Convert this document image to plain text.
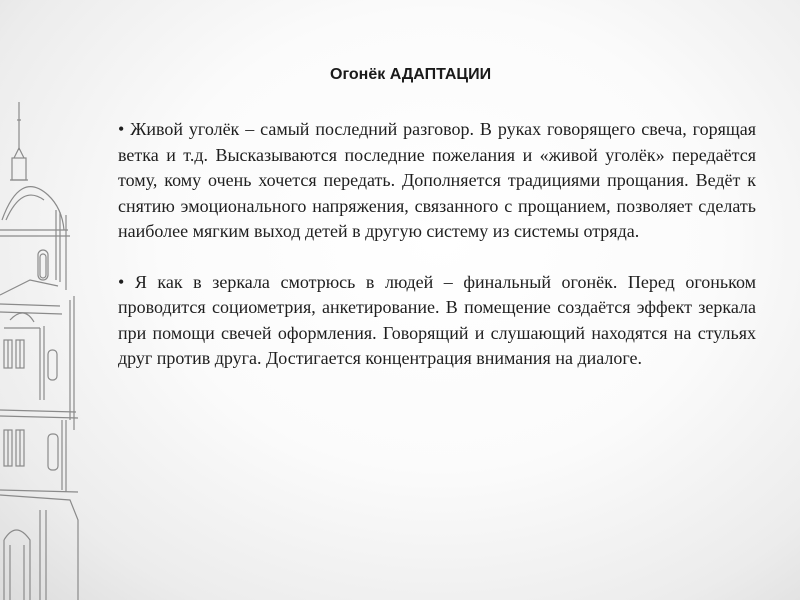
Огонёк АДАПТАЦИИ

• Живой уголёк – самый последний разговор. В руках говорящего свеча, горящая ветка и т.д. Высказываются последние пожелания и «живой уголёк» передаётся тому, кому очень хочется передать. Дополняется традициями прощания. Ведёт к снятию эмоционального напряжения, связанного с прощанием, позволяет сделать наиболее мягким выход детей в другую систему из системы отряда.

• Я как в зеркала смотрюсь в людей – финальный огонёк. Перед огоньком проводится социометрия, анкетирование. В помещение создаётся эффект зеркала при помощи свечей оформления. Говорящий и слушающий находятся на стульях друг против друга. Достигается концентрация внимания на диалоге.
